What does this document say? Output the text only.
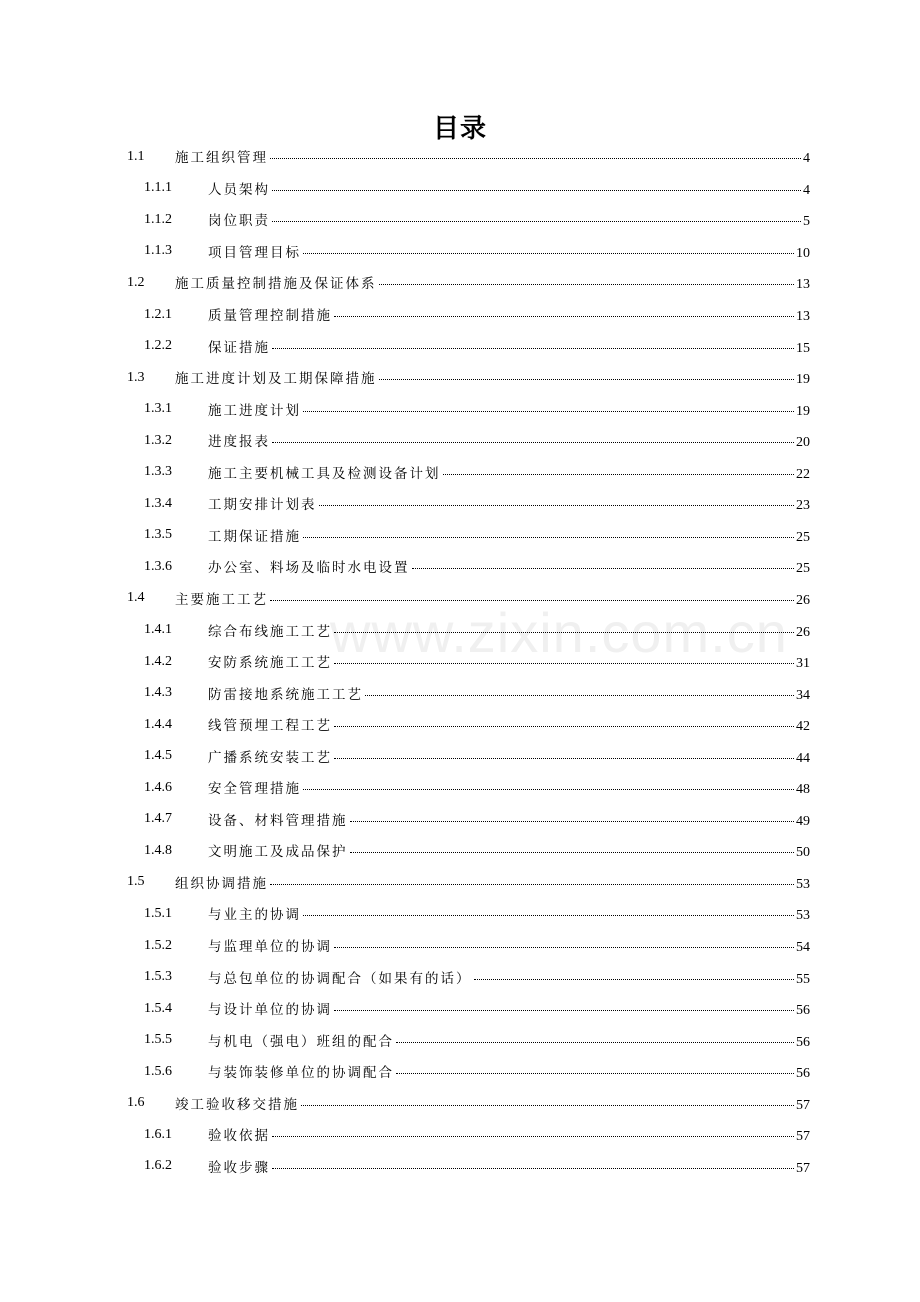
目录
www.zixin.com.cn
1.1 施工组织管理	4
1.1.1	人员架构	4
1.1.2	岗位职责	5
1.1.3	项目管理目标	10
1.2 施工质量控制措施及保证体系	13
1.2.1	质量管理控制措施	13
1.2.2	保证措施	15
1.3 施工进度计划及工期保障措施	19
1.3.1	施工进度计划	19
1.3.2	进度报表	20
1.3.3	施工主要机械工具及检测设备计划	22
1.3.4	工期安排计划表	23
1.3.5	工期保证措施	25
1.3.6	办公室、料场及临时水电设置	25
1.4 主要施工工艺	26
1.4.1	综合布线施工工艺	26
1.4.2	安防系统施工工艺	31
1.4.3	防雷接地系统施工工艺	34
1.4.4	线管预埋工程工艺	42
1.4.5	广播系统安装工艺	44
1.4.6	安全管理措施	48
1.4.7	设备、材料管理措施	49
1.4.8	文明施工及成品保护	50
1.5 组织协调措施	53
1.5.1	与业主的协调	53
1.5.2	与监理单位的协调	54
1.5.3	与总包单位的协调配合（如果有的话）	55
1.5.4	与设计单位的协调	56
1.5.5	与机电（强电）班组的配合	56
1.5.6	与装饰装修单位的协调配合	56
1.6 竣工验收移交措施	57
1.6.1	验收依据	57
1.6.2	验收步骤	57
